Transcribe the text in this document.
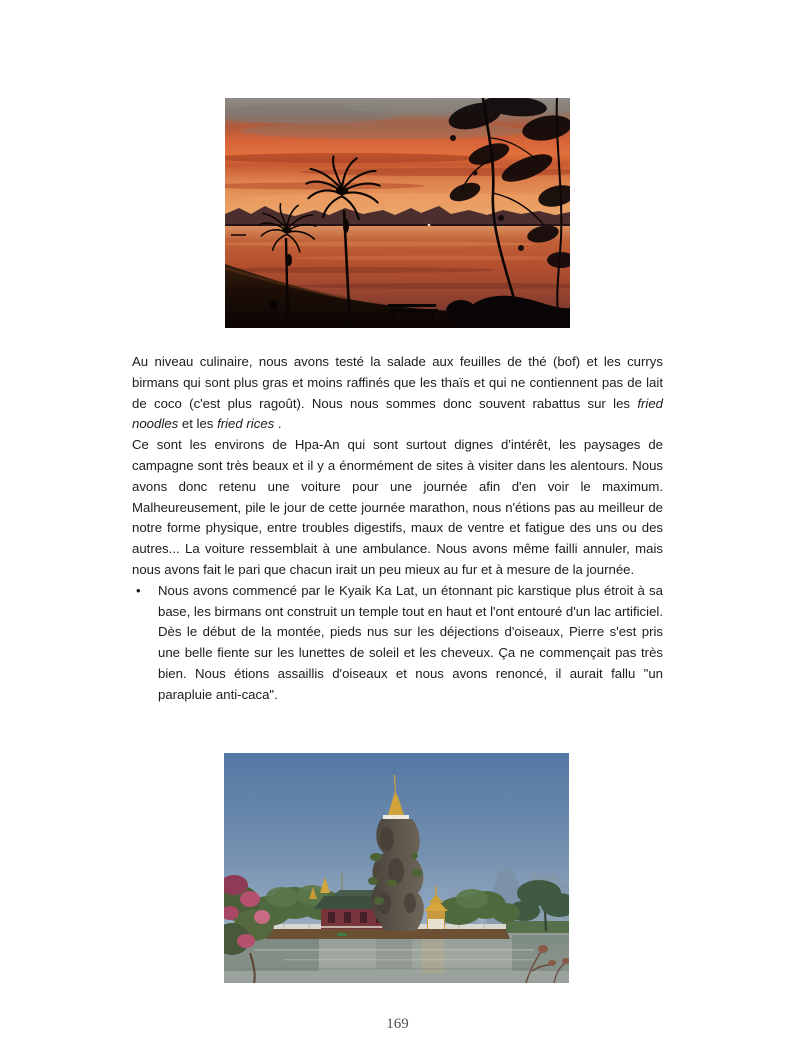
Au niveau culinaire, nous avons testé la salade aux feuilles de thé (bof) et les currys birmans qui sont plus gras et moins raffinés que les thaïs et qui ne contiennent pas de lait de coco (c'est plus ragoût). Nous nous sommes donc souvent rabattus sur les fried noodles et les fried rices .

Ce sont les environs de Hpa-An qui sont surtout dignes d'intérêt, les paysages de campagne sont très beaux et il y a énormément de sites à visiter dans les alentours. Nous avons donc retenu une voiture pour une journée afin d'en voir le maximum. Malheureusement, pile le jour de cette journée marathon, nous n'étions pas au meilleur de notre forme physique, entre troubles digestifs, maux de ventre et fatigue des uns ou des autres... La voiture ressemblait à une ambulance. Nous avons même failli annuler, mais nous avons fait le pari que chacun irait un peu mieux au fur et à mesure de la journée.

• Nous avons commencé par le Kyaik Ka Lat, un étonnant pic karstique plus étroit à sa base, les birmans ont construit un temple tout en haut et l'ont entouré d'un lac artificiel. Dès le début de la montée, pieds nus sur les déjections d'oiseaux, Pierre s'est pris une belle fiente sur les lunettes de soleil et les cheveux. Ça ne commençait pas très bien. Nous étions assaillis d'oiseaux et nous avons renoncé, il aurait fallu "un parapluie anti-caca".

169
